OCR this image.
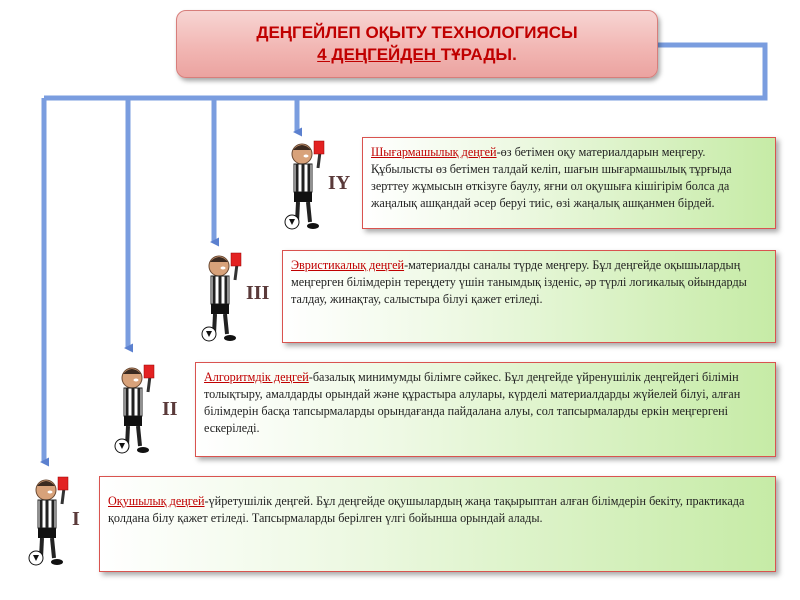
ДЕҢГЕЙЛЕП ОҚЫТУ ТЕХНОЛОГИЯСЫ
4 ДЕҢГЕЙДЕН ТҰРАДЫ.
IY
Шығармашылық деңгей-өз бетімен оқу материалдарын меңгеру. Құбылысты өз бетімен талдай келіп, шағын шығармашылық тұрғыда зерттеу жұмысын өткізуге баулу, яғни ол оқушыға кішігірім болса да жаңалық ашқандай әсер беруі тиіс, өзі жаңалық ашқанмен бірдей.
III
Эвристикалық деңгей-материалды саналы түрде меңгеру. Бұл деңгейде оқышылардың меңгерген білімдерін тереңдету үшін танымдық ізденіс, әр түрлі логикалық ойындарды талдау, жинақтау, салыстыра білуі қажет етіледі.
II
Алгоритмдік деңгей-базалық минимумды білімге сәйкес. Бұл деңгейде үйренушілік деңгейдегі білімін толықтыру, амалдарды орындай және құрастыра алулары, күрделі материалдарды жүйелей білуі, алған білімдерін басқа тапсырмаларды орындағанда пайдалана алуы, сол тапсырмаларды еркін меңгергені ескеріледі.
I
Оқушылық деңгей-үйретушілік деңгей. Бұл деңгейде оқушылардың жаңа тақырыптан алған білімдерін бекіту, практикада қолдана білу қажет етіледі. Тапсырмаларды берілген үлгі бойынша орындай алады.
